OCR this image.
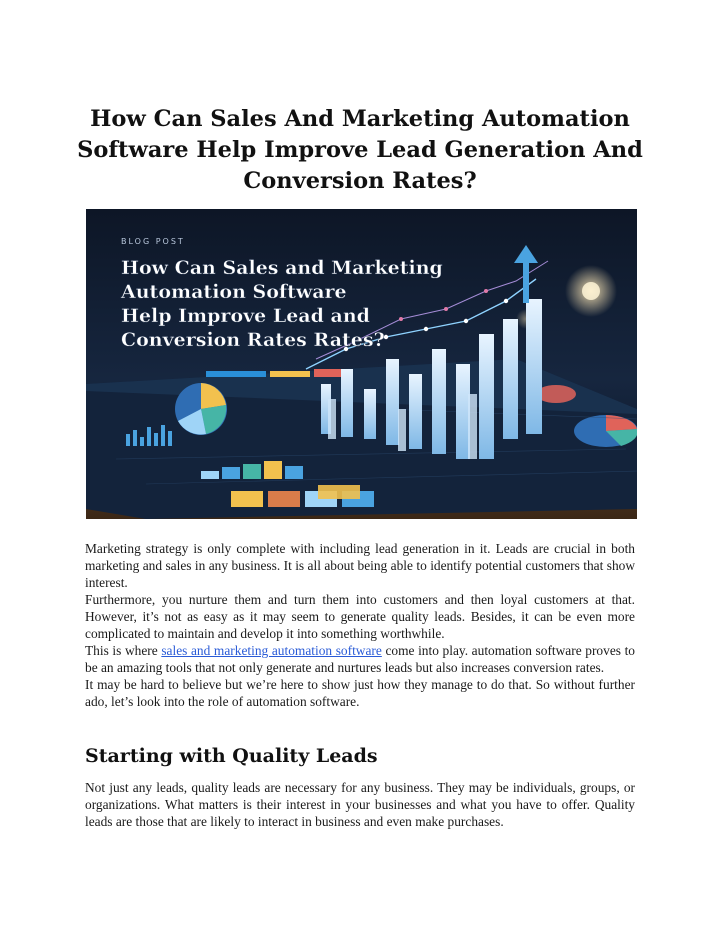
How Can Sales And Marketing Automation Software Help Improve Lead Generation And Conversion Rates?
BLOG POST
How Can Sales and Marketing
Automation Software
Help Improve Lead and
Conversion Rates Rates?

Marketing strategy is only complete with including lead generation in it. Leads are crucial in both marketing and sales in any business. It is all about being able to identify potential customers that show interest.

Furthermore, you nurture them and turn them into customers and then loyal customers at that. However, it’s not as easy as it may seem to generate quality leads. Besides, it can be even more complicated to maintain and develop it into something worthwhile.

This is where sales and marketing automation software come into play. automation software proves to be an amazing tools that not only generate and nurtures leads but also increases conversion rates.

It may be hard to believe but we’re here to show just how they manage to do that. So without further ado, let’s look into the role of automation software.

Starting with Quality Leads

Not just any leads, quality leads are necessary for any business. They may be individuals, groups, or organizations. What matters is their interest in your businesses and what you have to offer. Quality leads are those that are likely to interact in business and even make purchases.
